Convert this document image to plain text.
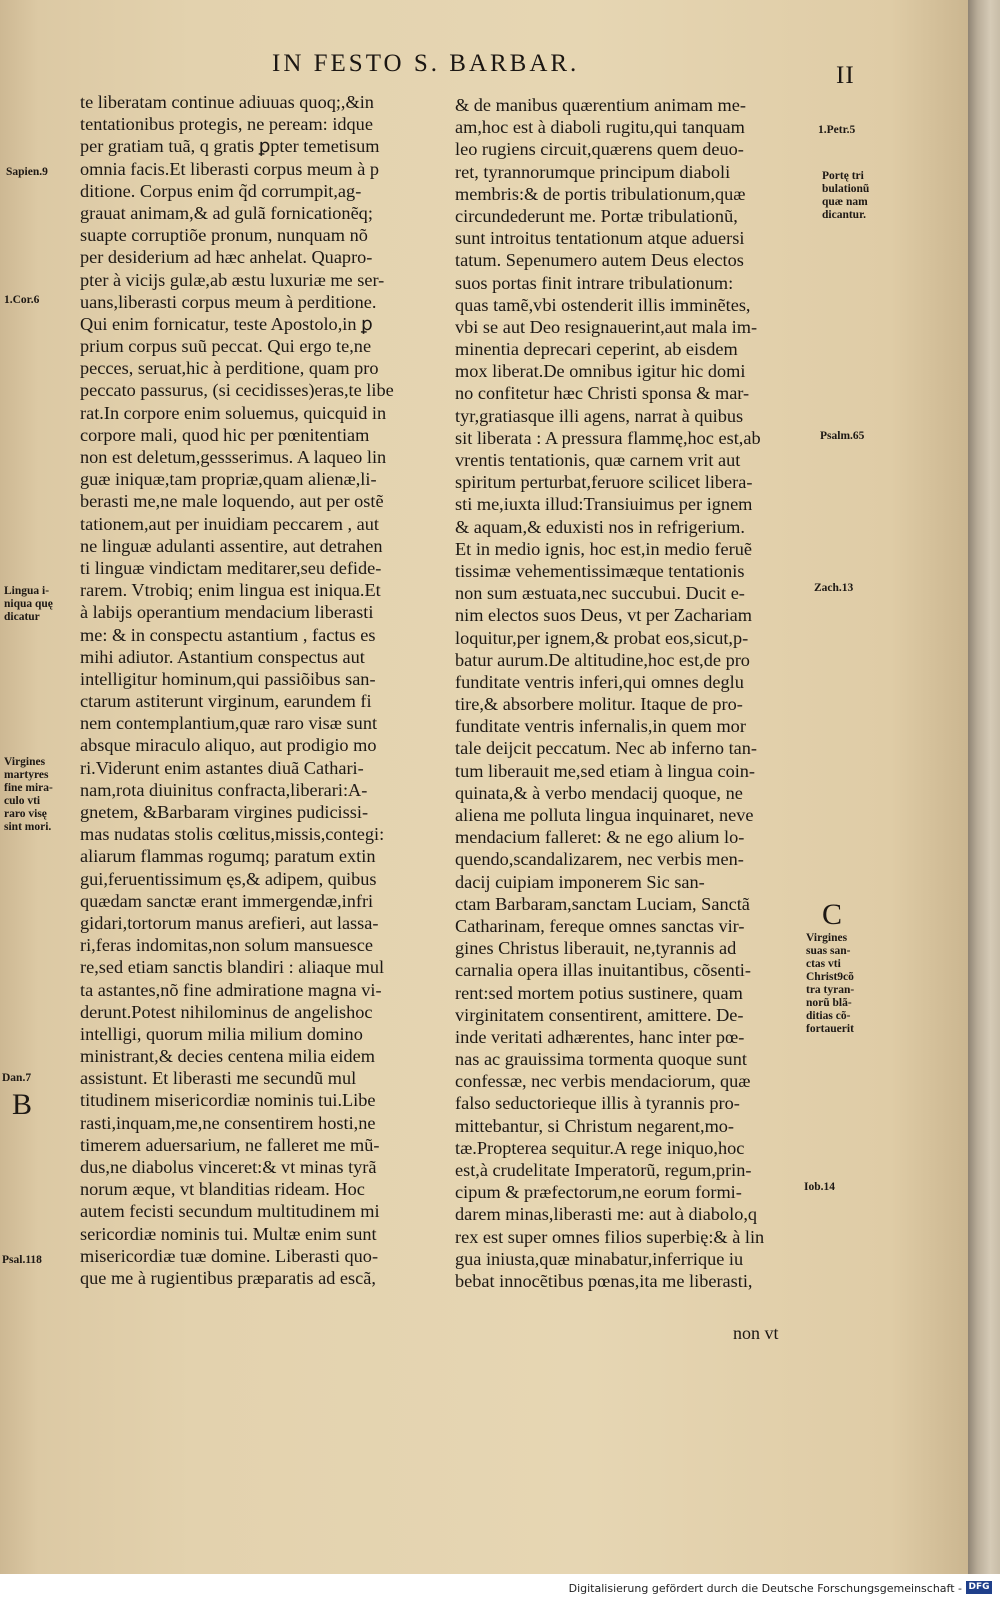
IN FESTO S. BARBAR.	II
te liberatam continue adiuuas quoq;,&in
tentationibus protegis, ne peream: idque
per gratiam tuã, q gratis ꝑpter temetisum
omnia facis.Et liberasti corpus meum à p
ditione. Corpus enim q̃d corrumpit,ag-
grauat animam,& ad gulã fornicationẽq;
suapte corruptiõe pronum, nunquam nõ
per desiderium ad hæc anhelat. Quapro-
pter à vicijs gulæ,ab æstu luxuriæ me ser-
uans,liberasti corpus meum à perditione.
Qui enim fornicatur, teste Apostolo,in ꝑ
prium corpus suũ peccat. Qui ergo te,ne
pecces, seruat,hic à perditione, quam pro
peccato passurus, (si cecidisses)eras,te libe
rat.In corpore enim soluemus, quicquid in
corpore mali, quod hic per pœnitentiam
non est deletum,gessserimus. A laqueo lin
guæ iniquæ,tam propriæ,quam alienæ,li-
berasti me,ne male loquendo, aut per ostẽ
tationem,aut per inuidiam peccarem , aut
ne linguæ adulanti assentire, aut detrahen
ti linguæ vindictam meditarer,seu defide-
rarem. Vtrobiq; enim lingua est iniqua.Et
à labijs operantium mendacium liberasti
me: & in conspectu astantium , factus es
mihi adiutor. Astantium conspectus aut
intelligitur hominum,qui passiõibus san-
ctarum astiterunt virginum, earundem fi
nem contemplantium,quæ raro visæ sunt
absque miraculo aliquo, aut prodigio mo
ri.Viderunt enim astantes diuã Cathari-
nam,rota diuinitus confracta,liberari:A-
gnetem, &Barbaram virgines pudicissi-
mas nudatas stolis cœlitus,missis,contegi:
aliarum flammas rogumq; paratum extin
gui,feruentissimum ęs,& adipem, quibus
quædam sanctæ erant immergendæ,infri
gidari,tortorum manus arefieri, aut lassa-
ri,feras indomitas,non solum mansuesce
re,sed etiam sanctis blandiri : aliaque mul
ta astantes,nõ fine admiratione magna vi-
derunt.Potest nihilominus de angelishoc
intelligi, quorum milia milium domino
ministrant,& decies centena milia eidem
assistunt. Et liberasti me secundũ mul
titudinem misericordiæ nominis tui.Libe
rasti,inquam,me,ne consentirem hosti,ne
timerem aduersarium, ne falleret me mũ-
dus,ne diabolus vinceret:& vt minas tyrã
norum æque, vt blanditias rideam. Hoc
autem fecisti secundum multitudinem mi
sericordiæ nominis tui. Multæ enim sunt
misericordiæ tuæ domine. Liberasti quo-
que me à rugientibus præparatis ad escã,
& de manibus quærentium animam me-
am,hoc est à diaboli rugitu,qui tanquam
leo rugiens circuit,quærens quem deuo-
ret, tyrannorumque principum diaboli
membris:& de portis tribulationum,quæ
circundederunt me. Portæ tribulationũ,
sunt introitus tentationum atque aduersi
tatum. Sepenumero autem Deus electos
suos portas finit intrare tribulationum:
quas tamẽ,vbi ostenderit illis imminẽtes,
vbi se aut Deo resignauerint,aut mala im-
minentia deprecari ceperint, ab eisdem
mox liberat.De omnibus igitur hic domi
no confitetur hæc Christi sponsa & mar-
tyr,gratiasque illi agens, narrat à quibus
sit liberata : A pressura flammę,hoc est,ab
vrentis tentationis, quæ carnem vrit aut
spiritum perturbat,feruore scilicet libera-
sti me,iuxta illud:Transiuimus per ignem
& aquam,& eduxisti nos in refrigerium.
Et in medio ignis, hoc est,in medio feruẽ
tissimæ vehementissimæque tentationis
non sum æstuata,nec succubui. Ducit e-
nim electos suos Deus, vt per Zachariam
loquitur,per ignem,& probat eos,sicut,p-
batur aurum.De altitudine,hoc est,de pro
funditate ventris inferi,qui omnes deglu
tire,& absorbere molitur. Itaque de pro-
funditate ventris infernalis,in quem mor
tale deijcit peccatum. Nec ab inferno tan-
tum liberauit me,sed etiam à lingua coin-
quinata,& à verbo mendacij quoque, ne
aliena me polluta lingua inquinaret, neve
mendacium falleret: & ne ego alium lo-
quendo,scandalizarem, nec verbis men-
dacij cuipiam imponerem Sic san-
ctam Barbaram,sanctam Luciam, Sanctã
Catharinam, fereque omnes sanctas vir-
gines Christus liberauit, ne,tyrannis ad
carnalia opera illas inuitantibus, cõsenti-
rent:sed mortem potius sustinere, quam
virginitatem consentirent, amittere. De-
inde veritati adhærentes, hanc inter pœ-
nas ac grauissima tormenta quoque sunt
confessæ, nec verbis mendaciorum, quæ
falso seductorieque illis à tyrannis pro-
mittebantur, si Christum negarent,mo-
tæ.Propterea sequitur.A rege iniquo,hoc
est,à crudelitate Imperatorũ, regum,prin-
cipum & præfectorum,ne eorum formi-
darem minas,liberasti me: aut à diabolo,q
rex est super omnes filios superbię:& à lin
gua iniusta,quæ minabatur,inferrique iu
bebat innocẽtibus pœnas,ita me liberasti,
non vt
Sapien.9
1.Cor.6
Lingua i-
niqua quę
dicatur
Virgines
martyres
fine mira-
culo vti
raro visę
sint mori.
Dan.7
B
Psal.118
1.Petr.5
Portę tri
bulationũ
quæ nam
dicantur.
Psalm.65
Zach.13
C
Virgines
suas san-
ctas vti
Christ9cõ
tra tyran-
norũ blã-
ditias cõ-
fortauerit
Iob.14
Digitalisierung gefördert durch die Deutsche Forschungsgemeinschaft - DFG
